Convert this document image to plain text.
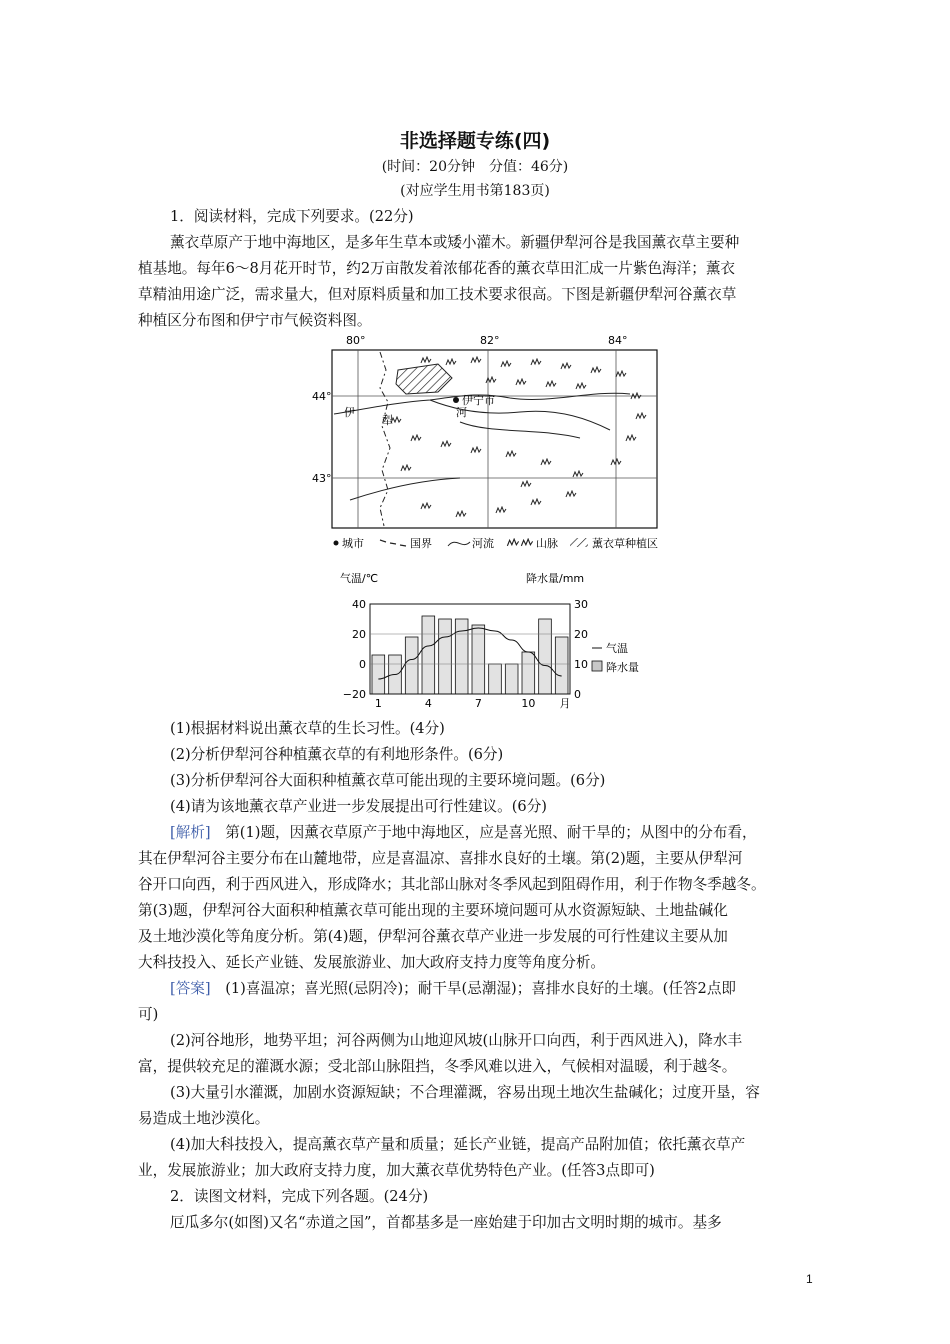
非选择题专练(四)
(时间：20分钟　分值：46分)
(对应学生用书第183页)
1．阅读材料，完成下列要求。(22分)
薰衣草原产于地中海地区，是多年生草本或矮小灌木。新疆伊犁河谷是我国薰衣草主要种
植基地。每年6～8月花开时节，约2万亩散发着浓郁花香的薰衣草田汇成一片紫色海洋；薰衣
草精油用途广泛，需求量大，但对原料质量和加工技术要求很高。下图是新疆伊犁河谷薰衣草
种植区分布图和伊宁市气候资料图。
80°	82°	84°
44°
43°
伊宁市
伊
犁
河
城市	国界	河流	山脉	薰衣草种植区
气温/℃	降水量/mm
40
20
0
−20
30
20
10
0
1	4	7	10 月
气温
降水量
(1)根据材料说出薰衣草的生长习性。(4分)
(2)分析伊犁河谷种植薰衣草的有利地形条件。(6分)
(3)分析伊犁河谷大面积种植薰衣草可能出现的主要环境问题。(6分)
(4)请为该地薰衣草产业进一步发展提出可行性建议。(6分)
[解析]　 第(1)题，因薰衣草原产于地中海地区，应是喜光照、耐干旱的；从图中的分布看，
其在伊犁河谷主要分布在山麓地带，应是喜温凉、喜排水良好的土壤。第(2)题，主要从伊犁河
谷开口向西，利于西风进入，形成降水；其北部山脉对冬季风起到阻碍作用，利于作物冬季越冬。
第(3)题，伊犁河谷大面积种植薰衣草可能出现的主要环境问题可从水资源短缺、土地盐碱化
及土地沙漠化等角度分析。第(4)题，伊犁河谷薰衣草产业进一步发展的可行性建议主要从加
大科技投入、延长产业链、发展旅游业、加大政府支持力度等角度分析。
[答案]　 (1)喜温凉；喜光照(忌阴冷)；耐干旱(忌潮湿)；喜排水良好的土壤。(任答2点即
可)
(2)河谷地形，地势平坦；河谷两侧为山地迎风坡(山脉开口向西，利于西风进入)，降水丰
富，提供较充足的灌溉水源；受北部山脉阻挡，冬季风难以进入，气候相对温暖，利于越冬。
(3)大量引水灌溉，加剧水资源短缺；不合理灌溉，容易出现土地次生盐碱化；过度开垦，容
易造成土地沙漠化。
(4)加大科技投入，提高薰衣草产量和质量；延长产业链，提高产品附加值；依托薰衣草产
业，发展旅游业；加大政府支持力度，加大薰衣草优势特色产业。(任答3点即可)
2．读图文材料，完成下列各题。(24分)
厄瓜多尔(如图)又名“赤道之国”，首都基多是一座始建于印加古文明时期的城市。基多
1
